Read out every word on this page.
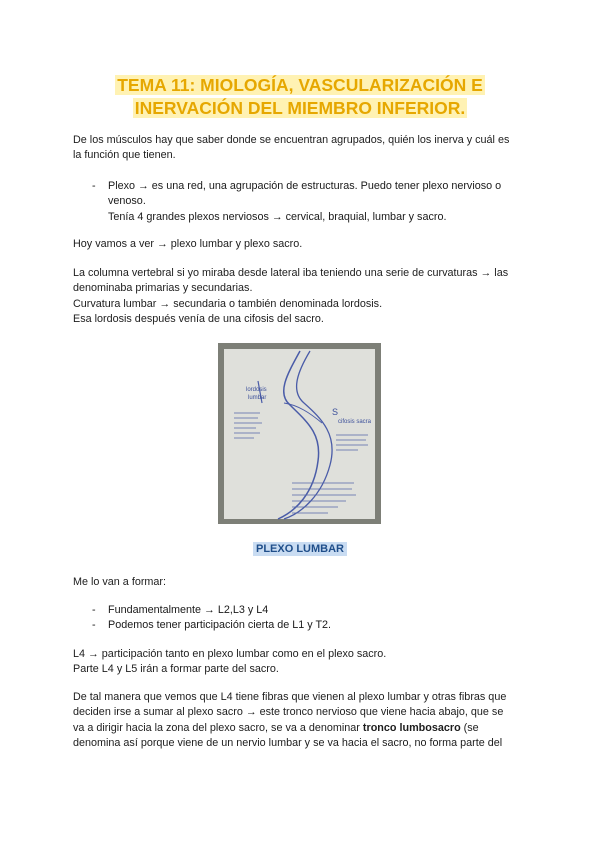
TEMA 11: MIOLOGÍA, VASCULARIZACIÓN E
INERVACIÓN DEL MIEMBRO INFERIOR.
De los músculos hay que saber donde se encuentran agrupados, quién los inerva y cuál es
la función que tienen.
- Plexo → es una red, una agrupación de estructuras. Puedo tener plexo nervioso o
venoso.
Tenía 4 grandes plexos nerviosos → cervical, braquial, lumbar y sacro.
Hoy vamos a ver → plexo lumbar y plexo sacro.
La columna vertebral si yo miraba desde lateral iba teniendo una serie de curvaturas → las
denominaba primarias y secundarias.
Curvatura lumbar → secundaria o también denominada lordosis.
Esa lordosis después venía de una cifosis del sacro.
lordosis
lumbar
S
cifosis sacra
PLEXO LUMBAR
Me lo van a formar:
- Fundamentalmente → L2,L3 y L4
- Podemos tener participación cierta de L1 y T2.
L4 → participación tanto en plexo lumbar como en el plexo sacro.
Parte L4 y L5 irán a formar parte del sacro.
De tal manera que vemos que L4 tiene fibras que vienen al plexo lumbar y otras fibras que
deciden irse a sumar al plexo sacro → este tronco nervioso que viene hacia abajo, que se
va a dirigir hacia la zona del plexo sacro, se va a denominar tronco lumbosacro (se
denomina así porque viene de un nervio lumbar y se va hacia el sacro, no forma parte del
